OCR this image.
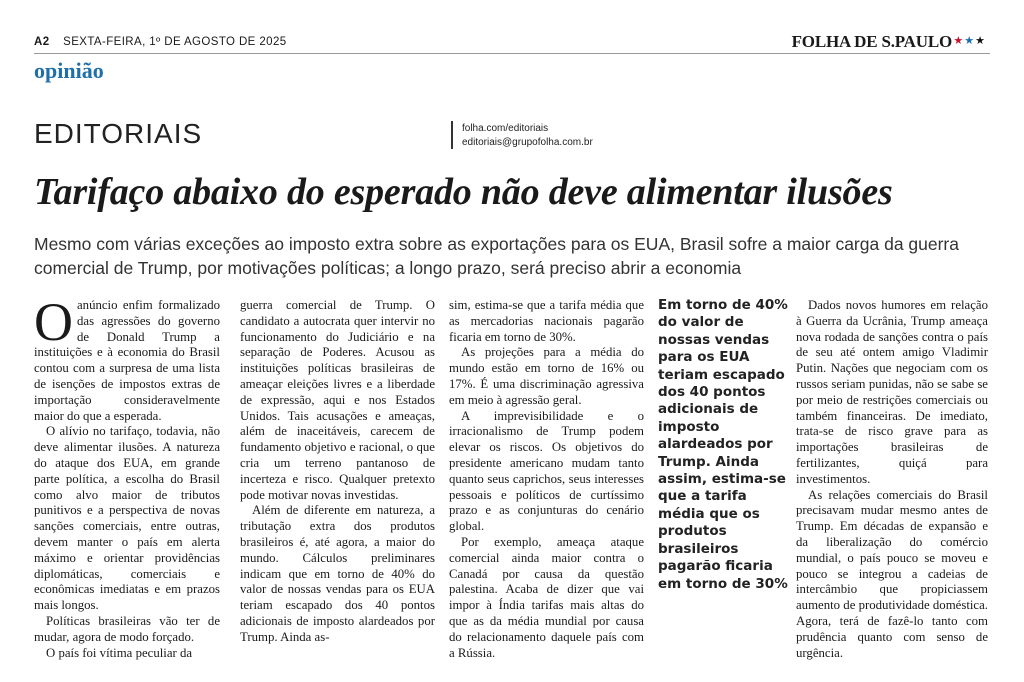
A2 SEXTA-FEIRA, 1º DE AGOSTO DE 2025	FOLHA DE S.PAULO ★★★
opinião
EDITORIAIS	folha.com/editoriais
editoriais@grupofolha.com.br
Tarifaço abaixo do esperado não deve alimentar ilusões
Mesmo com várias exceções ao imposto extra sobre as exportações para os EUA, Brasil sofre a maior carga da guerra comercial de Trump, por motivações políticas; a longo prazo, será preciso abrir a economia

Oanúncio enfim formalizado das agressões do governo de Donald Trump a instituições e à economia do Brasil contou com a surpresa de uma lista de isenções de impostos extras de importação consideravelmente maior do que a esperada.

O alívio no tarifaço, todavia, não deve alimentar ilusões. A natureza do ataque dos EUA, em grande parte política, a escolha do Brasil como alvo maior de tributos punitivos e a perspectiva de novas sanções comerciais, entre outras, devem manter o país em alerta máximo e orientar providências diplomáticas, comerciais e econômicas imediatas e em prazos mais longos.

Políticas brasileiras vão ter de mudar, agora de modo forçado.

O país foi vítima peculiar da

guerra comercial de Trump. O candidato a autocrata quer intervir no funcionamento do Judiciário e na separação de Poderes. Acusou as instituições políticas brasileiras de ameaçar eleições livres e a liberdade de expressão, aqui e nos Estados Unidos. Tais acusações e ameaças, além de inaceitáveis, carecem de fundamento objetivo e racional, o que cria um terreno pantanoso de incerteza e risco. Qualquer pretexto pode motivar novas investidas.

Além de diferente em natureza, a tributação extra dos produtos brasileiros é, até agora, a maior do mundo. Cálculos preliminares indicam que em torno de 40% do valor de nossas vendas para os EUA teriam escapado dos 40 pontos adicionais de imposto alardeados por Trump. Ainda as-

sim, estima-se que a tarifa média que as mercadorias nacionais pagarão ficaria em torno de 30%.

As projeções para a média do mundo estão em torno de 16% ou 17%. É uma discriminação agressiva em meio à agressão geral.

A imprevisibilidade e o irracionalismo de Trump podem elevar os riscos. Os objetivos do presidente americano mudam tanto quanto seus caprichos, seus interesses pessoais e políticos de curtíssimo prazo e as conjunturas do cenário global.

Por exemplo, ameaça ataque comercial ainda maior contra o Canadá por causa da questão palestina. Acaba de dizer que vai impor à Índia tarifas mais altas do que as da média mundial por causa do relacionamento daquele país com a Rússia.

Em torno de 40% do valor de nossas vendas para os EUA teriam escapado dos 40 pontos adicionais de imposto alardeados por Trump. Ainda assim, estima-se que a tarifa média que os produtos brasileiros pagarão ficaria em torno de 30%

Dados novos humores em relação à Guerra da Ucrânia, Trump ameaça nova rodada de sanções contra o país de seu até ontem amigo Vladimir Putin. Nações que negociam com os russos seriam punidas, não se sabe se por meio de restrições comerciais ou também financeiras. De imediato, trata-se de risco grave para as importações brasileiras de fertilizantes, quiçá para investimentos.

As relações comerciais do Brasil precisavam mudar mesmo antes de Trump. Em décadas de expansão e da liberalização do comércio mundial, o país pouco se moveu e pouco se integrou a cadeias de intercâmbio que propiciassem aumento de produtividade doméstica. Agora, terá de fazê-lo tanto com prudência quanto com senso de urgência.
